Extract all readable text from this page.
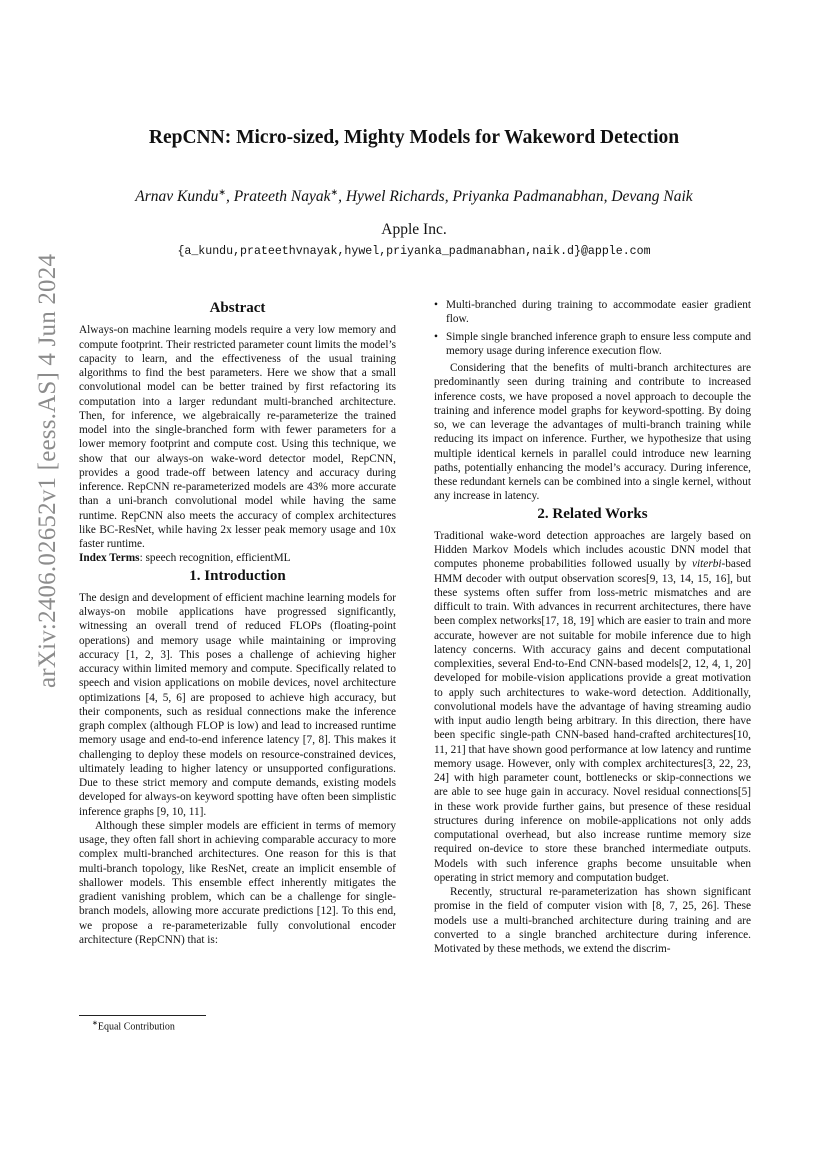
arXiv:2406.02652v1 [eess.AS] 4 Jun 2024
RepCNN: Micro-sized, Mighty Models for Wakeword Detection
Arnav Kundu∗, Prateeth Nayak∗, Hywel Richards, Priyanka Padmanabhan, Devang Naik
Apple Inc.
{a_kundu,prateethvnayak,hywel,priyanka_padmanabhan,naik.d}@apple.com
Abstract

Always-on machine learning models require a very low memory and compute footprint. Their restricted parameter count limits the model’s capacity to learn, and the effectiveness of the usual training algorithms to find the best parameters. Here we show that a small convolutional model can be better trained by first refactoring its computation into a larger redundant multi-branched architecture. Then, for inference, we algebraically re-parameterize the trained model into the single-branched form with fewer parameters for a lower memory footprint and compute cost. Using this technique, we show that our always-on wake-word detector model, RepCNN, provides a good trade-off between latency and accuracy during inference. RepCNN re-parameterized models are 43% more accurate than a uni-branch convolutional model while having the same runtime. RepCNN also meets the accuracy of complex architectures like BC-ResNet, while having 2x lesser peak memory usage and 10x faster runtime.

Index Terms: speech recognition, efficientML

1. Introduction

The design and development of efficient machine learning models for always-on mobile applications have progressed significantly, witnessing an overall trend of reduced FLOPs (floating-point operations) and memory usage while maintaining or improving accuracy [1, 2, 3]. This poses a challenge of achieving higher accuracy within limited memory and compute. Specifically related to speech and vision applications on mobile devices, novel architecture optimizations [4, 5, 6] are proposed to achieve high accuracy, but their components, such as residual connections make the inference graph complex (although FLOP is low) and lead to increased runtime memory usage and end-to-end inference latency [7, 8]. This makes it challenging to deploy these models on resource-constrained devices, ultimately leading to higher latency or unsupported configurations. Due to these strict memory and compute demands, existing models developed for always-on keyword spotting have often been simplistic inference graphs [9, 10, 11].

Although these simpler models are efficient in terms of memory usage, they often fall short in achieving comparable accuracy to more complex multi-branched architectures. One reason for this is that multi-branch topology, like ResNet, create an implicit ensemble of shallower models. This ensemble effect inherently mitigates the gradient vanishing problem, which can be a challenge for single-branch models, allowing more accurate predictions [12]. To this end, we propose a re-parameterizable fully convolutional encoder architecture (RepCNN) that is:

• Multi-branched during training to accommodate easier gradient flow.
• Simple single branched inference graph to ensure less compute and memory usage during inference execution flow.

Considering that the benefits of multi-branch architectures are predominantly seen during training and contribute to increased inference costs, we have proposed a novel approach to decouple the training and inference model graphs for keyword-spotting. By doing so, we can leverage the advantages of multi-branch training while reducing its impact on inference. Further, we hypothesize that using multiple identical kernels in parallel could introduce new learning paths, potentially enhancing the model’s accuracy. During inference, these redundant kernels can be combined into a single kernel, without any increase in latency.

2. Related Works

Traditional wake-word detection approaches are largely based on Hidden Markov Models which includes acoustic DNN model that computes phoneme probabilities followed usually by viterbi-based HMM decoder with output observation scores[9, 13, 14, 15, 16], but these systems often suffer from loss-metric mismatches and are difficult to train. With advances in recurrent architectures, there have been complex networks[17, 18, 19] which are easier to train and more accurate, however are not suitable for mobile inference due to high latency concerns. With accuracy gains and decent computational complexities, several End-to-End CNN-based models[2, 12, 4, 1, 20] developed for mobile-vision applications provide a great motivation to apply such architectures to wake-word detection. Additionally, convolutional models have the advantage of having streaming audio with input audio length being arbitrary. In this direction, there have been specific single-path CNN-based hand-crafted architectures[10, 11, 21] that have shown good performance at low latency and runtime memory usage. However, only with complex architectures[3, 22, 23, 24] with high parameter count, bottlenecks or skip-connections we are able to see huge gain in accuracy. Novel residual connections[5] in these work provide further gains, but presence of these residual structures during inference on mobile-applications not only adds computational overhead, but also increase runtime memory size required on-device to store these branched intermediate outputs. Models with such inference graphs become unsuitable when operating in strict memory and computation budget.

Recently, structural re-parameterization has shown significant promise in the field of computer vision with [8, 7, 25, 26]. These models use a multi-branched architecture during training and are converted to a single branched architecture during inference. Motivated by these methods, we extend the discrim-

∗Equal Contribution
